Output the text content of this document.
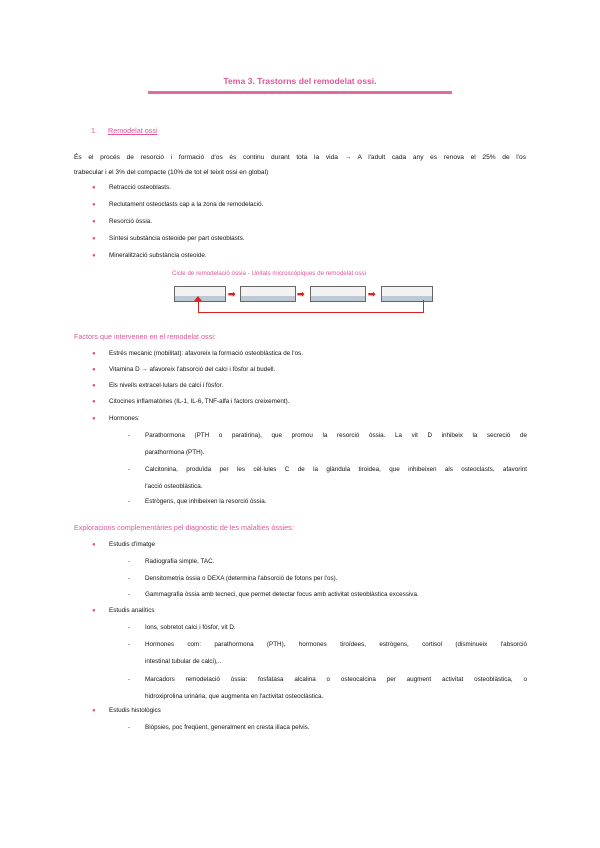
Tema 3. Trastorns del remodelat ossi.
1. Remodelat ossi
És el procés de resorció i formació d'os és continu durant tota la vida → A l'adult cada any es renova el 25% de l'os
trabecular i el 3% del compacte (10% de tot el teixit ossi en global)
● Retracció osteoblasts.
● Reclutament osteoclasts cap a la zona de remodelació.
● Resorció òssia.
● Síntesi substància osteoide per part osteoblasts.
● Mineralització substància osteoide.
Cicle de remodelació òssia - Unitats microscòpiques de remodelat ossi
➡	➡	➡
Factors que intervenen en el remodelat ossi:
● Estrés mecànic (mobilitat): afavoreix la formació osteoblàstica de l'os.
● Vitamina D → afavoreix l'absorció del calci i fòsfor al budell.
● Els nivells extracel·lulars de calci i fòsfor.
● Citocines inflamatòries (IL-1, IL-6, TNF-alfa i factors creixement).
● Hormones:
- Parathormona (PTH o paratirina), que promou la resorció òssia. La vit D inhibeix la secreció de
parathormona (PTH).
- Calcitonina, produïda per les cèl·lules C de la glàndula tiroidea, que inhibeixen als osteoclasts, afavorint
l'acció osteoblàstica.
- Estrògens, que inhibeixen la resorció òssia.
Exploracions complementàries pel diagnòstic de les malalties òssies:
● Estudis d'imatge
- Radiografia simple, TAC.
- Densitometria òssia o DEXA (determina l'absorció de fotons per l'os).
- Gammagrafia òssia amb tecneci, que permet detectar focus amb activitat osteoblàstica excessiva.
● Estudis analítics
- Ions, sobretot calci i fòsfor, vit D.
- Hormones com: parathormona (PTH), hormones tiroïdees, estrògens, cortisol (disminueix l'absorció
intestinal tubular de calci),..
- Marcadors remodelació òssia: fosfatasa alcalina o osteocalcina per augment activitat osteoblàstica, o
hidroxiprolina urinària, que augmenta en l'activitat osteoclàstica.
● Estudis histològics
- Biòpsies, poc freqüent, generalment en cresta ilíaca pelvis.
